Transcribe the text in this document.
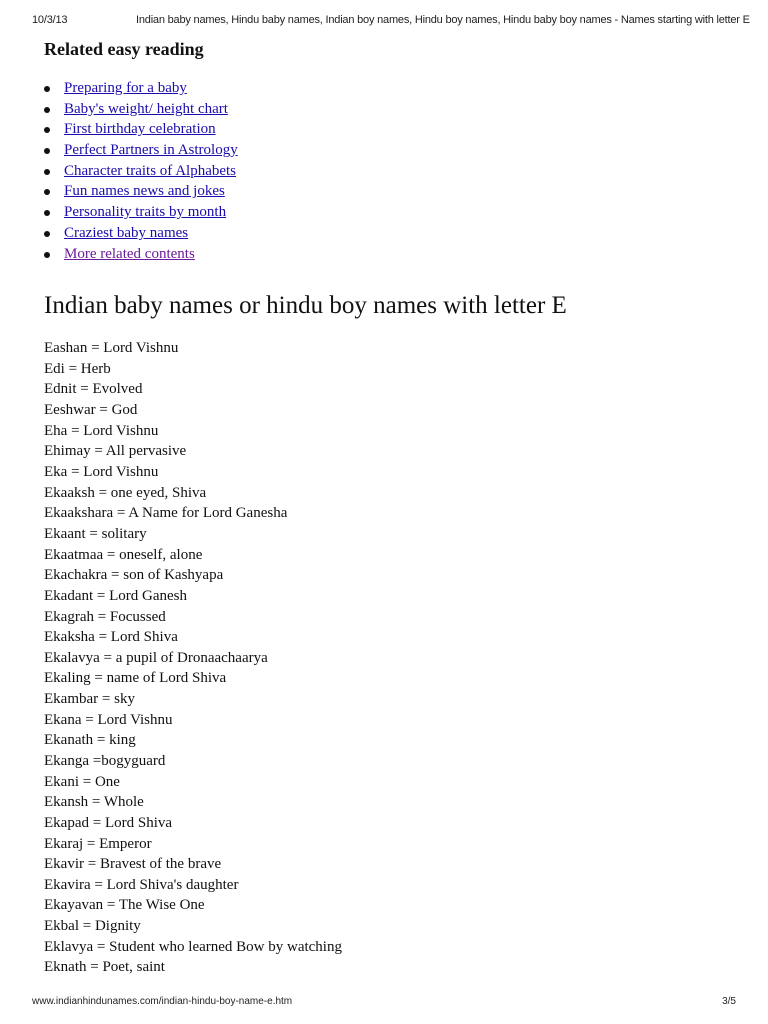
10/3/13	Indian baby names, Hindu baby names, Indian boy names, Hindu boy names, Hindu baby boy names - Names starting with letter E
Related easy reading
Preparing for a baby
Baby's weight/ height chart
First birthday celebration
Perfect Partners in Astrology
Character traits of Alphabets
Fun names news and jokes
Personality traits by month
Craziest baby names
More related contents
Indian baby names or hindu boy names with letter E
Eashan = Lord Vishnu
Edi = Herb
Ednit = Evolved
Eeshwar = God
Eha = Lord Vishnu
Ehimay = All pervasive
Eka = Lord Vishnu
Ekaaksh = one eyed, Shiva
Ekaakshara = A Name for Lord Ganesha
Ekaant = solitary
Ekaatmaa = oneself, alone
Ekachakra = son of Kashyapa
Ekadant = Lord Ganesh
Ekagrah = Focussed
Ekaksha = Lord Shiva
Ekalavya = a pupil of Dronaachaarya
Ekaling = name of Lord Shiva
Ekambar = sky
Ekana = Lord Vishnu
Ekanath = king
Ekanga =bogyguard
Ekani = One
Ekansh = Whole
Ekapad = Lord Shiva
Ekaraj = Emperor
Ekavir = Bravest of the brave
Ekavira = Lord Shiva's daughter
Ekayavan = The Wise One
Ekbal = Dignity
Eklavya = Student who learned Bow by watching
Eknath = Poet, saint
www.indianhindunames.com/indian-hindu-boy-name-e.htm	3/5
